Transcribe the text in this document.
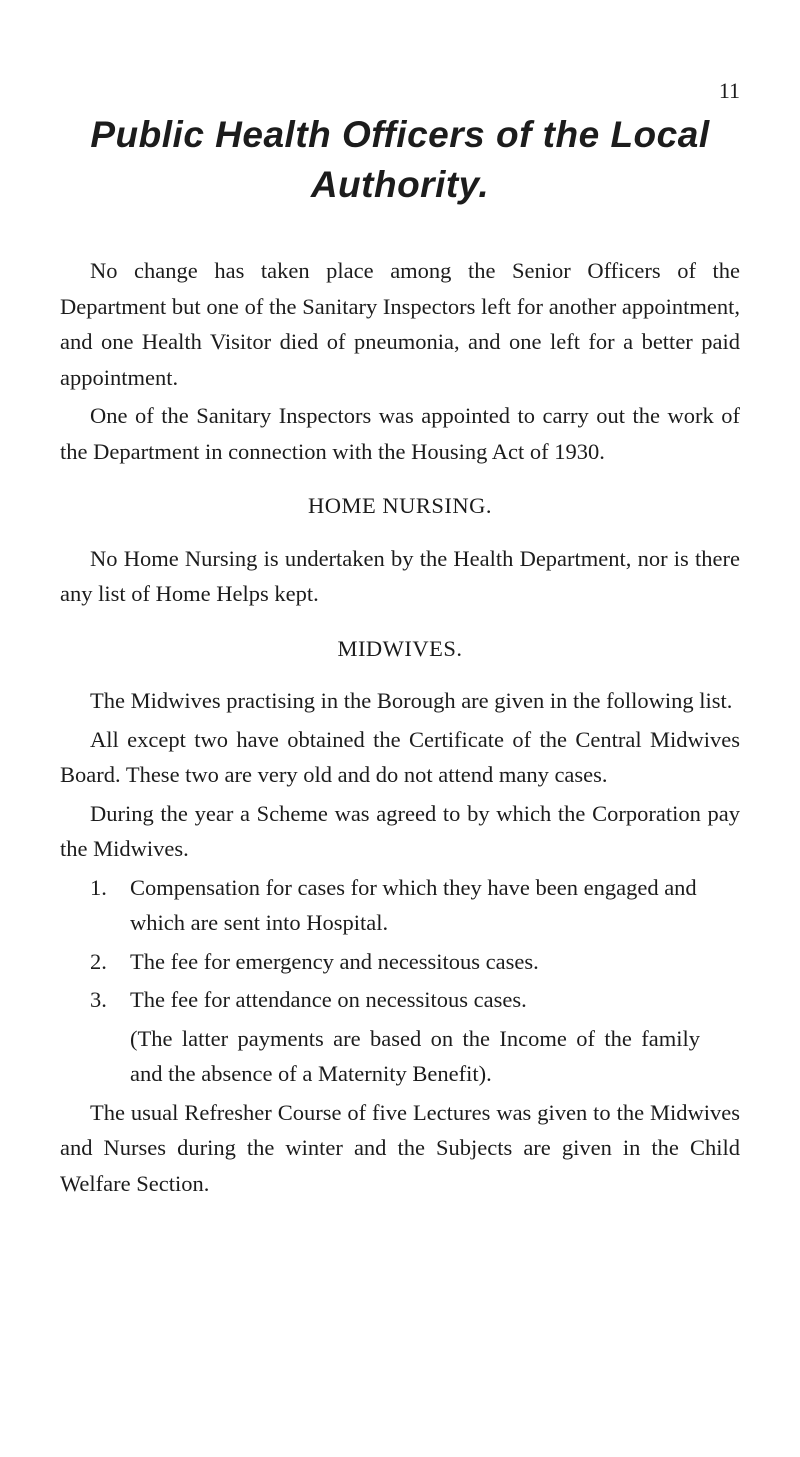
11
Public Health Officers of the Local Authority.

No change has taken place among the Senior Officers of the Department but one of the Sanitary Inspectors left for another appointment, and one Health Visitor died of pneumonia, and one left for a better paid appointment.

One of the Sanitary Inspectors was appointed to carry out the work of the Department in connection with the Housing Act of 1930.

HOME NURSING.

No Home Nursing is undertaken by the Health Department, nor is there any list of Home Helps kept.

MIDWIVES.

The Midwives practising in the Borough are given in the following list.

All except two have obtained the Certificate of the Central Midwives Board. These two are very old and do not attend many cases.

During the year a Scheme was agreed to by which the Corporation pay the Midwives.

1. Compensation for cases for which they have been engaged and which are sent into Hospital.
2. The fee for emergency and necessitous cases.
3. The fee for attendance on necessitous cases.

(The latter payments are based on the Income of the family and the absence of a Maternity Benefit).

The usual Refresher Course of five Lectures was given to the Midwives and Nurses during the winter and the Subjects are given in the Child Welfare Section.
